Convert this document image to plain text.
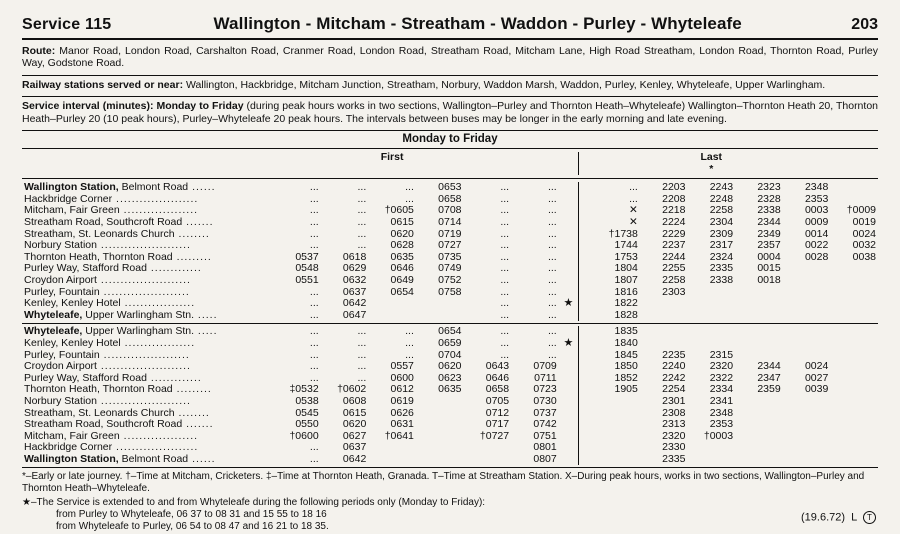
Service 115	Wallington - Mitcham - Streatham - Waddon - Purley - Whyteleafe	203
Route: Manor Road, London Road, Carshalton Road, Cranmer Road, London Road, Streatham Road, Mitcham Lane, High Road Streatham, London Road, Thornton Road, Purley Way, Godstone Road.
Railway stations served or near: Wallington, Hackbridge, Mitcham Junction, Streatham, Norbury, Waddon Marsh, Waddon, Purley, Kenley, Whyteleafe, Upper Warlingham.
Service interval (minutes): Monday to Friday (during peak hours works in two sections, Wallington–Purley and Thornton Heath–Whyteleafe) Wallington–Thornton Heath 20, Thornton Heath–Purley 20 (10 peak hours), Purley–Whyteleafe 20 peak hours. The intervals between buses may be longer in the early morning and late evening.
Monday to Friday
			First								Last			
											*			
Wallington Station, Belmont Road ......	...	...	...	0653	...	...			...	2203	2243	2323	2348	
Hackbridge Corner .....................	...	...	...	0658	...	...			...	2208	2248	2328	2353	
Mitcham, Fair Green ...................	...	...	†0605	0708	...	...			✕	2218	2258	2338	0003	†0009
Streatham Road, Southcroft Road .......	...	...	0615	0714	...	...			✕	2224	2304	2344	0009	0019
Streatham, St. Leonards Church ........	...	...	0620	0719	...	...			†1738	2229	2309	2349	0014	0024
Norbury Station .......................	...	...	0628	0727	...	...			1744	2237	2317	2357	0022	0032
Thornton Heath, Thornton Road .........	0537	0618	0635	0735	...	...			1753	2244	2324	0004	0028	0038
Purley Way, Stafford Road .............	0548	0629	0646	0749	...	...			1804	2255	2335	0015		
Croydon Airport .......................	0551	0632	0649	0752	...	...			1807	2258	2338	0018		
Purley, Fountain ......................	...	0637	0654	0758	...	...			1816	2303				
Kenley, Kenley Hotel ..................	...	0642			...	...	★		1822					
Whyteleafe, Upper Warlingham Stn. .....	...	0647			...	...			1828					
Whyteleafe, Upper Warlingham Stn. .....	...	...	...	0654	...	...			1835					
Kenley, Kenley Hotel ..................	...	...	...	0659	...	...	★		1840					
Purley, Fountain ......................	...	...	...	0704	...	...			1845	2235	2315			
Croydon Airport .......................	...	...	0557	0620	0643	0709			1850	2240	2320	2344	0024	
Purley Way, Stafford Road .............	...	...	0600	0623	0646	0711			1852	2242	2322	2347	0027	
Thornton Heath, Thornton Road .........	‡0532	†0602	0612	0635	0658	0723			1905	2254	2334	2359	0039	
Norbury Station .......................	0538	0608	0619		0705	0730				2301	2341			
Streatham, St. Leonards Church ........	0545	0615	0626		0712	0737				2308	2348			
Streatham Road, Southcroft Road .......	0550	0620	0631		0717	0742				2313	2353			
Mitcham, Fair Green ...................	†0600	0627	†0641		†0727	0751				2320	†0003			
Hackbridge Corner .....................	...	0637				0801				2330				
Wallington Station, Belmont Road ......	...	0642				0807				2335				
*–Early or late journey. †–Time at Mitcham, Cricketers. ‡–Time at Thornton Heath, Granada. T–Time at Streatham Station. X–During peak hours, works in two sections, Wallington–Purley and Thornton Heath–Whyteleafe.
★–The Service is extended to and from Whyteleafe during the following periods only (Monday to Friday):
from Purley to Whyteleafe, 06 37 to 08 31 and 15 55 to 18 16
from Whyteleafe to Purley, 06 54 to 08 47 and 16 21 to 18 35.
(19.6.72) L T
